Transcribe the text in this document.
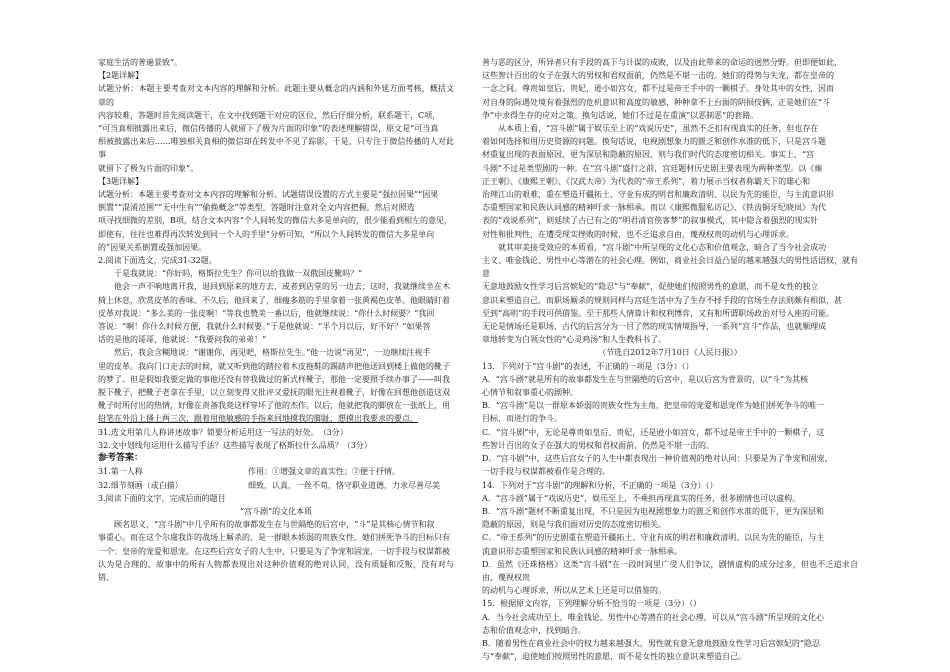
家庭生活的普遍景致”。

【2题详解】

试题分析：本题主要考查对文本内容的理解和分析。此题主要从概念的内涵和外延方面考核，概括文章的

内容较难，答题时首先阅读题干，在文中找到题干对应的区位，然后仔细分析，联系题干，C项，

“可当真相披露出来后，微信传播的人就留下了极为片面的印象”的表述理解错误，原文是“可当真

相被披露出来后……唯独相关真相的微信却在转发中不见了踪影，于是，只专注于微信传播的人对此事

就留下了极为片面的印象”。

【3题详解】

试题分析：本题主要考查对文本内容的理解和分析。试题错误设置的方式主要是“强拉因果”“因果

倒置”“混淆范围”“无中生有”“偷换概念”等类型，答题时注意对全文内容把握，然后对照选

项寻找细微的差别，B项，结合文本内容“个人间转发的微信大多是单向的，很少能看到相左的意见，

即使有，往往也难得再次转发到同一个人的手里”分析可知，“所以个人间转发的微信大多是单向

的”因果关系倒置或强加因果。

2.阅读下面选文，完成31-32题。

于是我就说：“你好吗，格斯拉先生？你可以给我做一双俄国皮靴吗？”

他会一声不响地离开我，退回到原来的地方去，或者到店堂的另一边去；这时，我就继续坐在木

椅上休息，欣赏皮革的香味。不久后，他回来了，细瘦多筋的手里拿着一张黄褐色皮革。他眼睛盯着

皮革对我说：“多么美的一张皮啊！”等我也赞美一番以后，他就继续说：“你什么时候要？”我回

答说：“啊！你什么时候方便，我就什么时候要。”于是他就说：“半个月以后，好不好？”如果答

话的是他的哥哥，他就说：“我要问我的弟弟！”

然后，我会含糊地说：“谢谢你，再见吧，格斯拉先生。”他一边说“再见”，一边继续注视手

里的皮革。我向门口走去的时候，就又听到他的踏拉着木皮拖鞋的踢踏声把他送回到楼上做他的靴子

的梦了。但是假如我要定做的事他还没有替我做过的新式样靴子，那他一定要照手续办事了——叫我

脱下靴子，把靴子老拿在手里，以立刻变得又批评又爱抚的眼光注视着靴子，好像在回想他创造这双

靴子时所付出的热情，好像在责备我竟这样穿坏了他的杰作。以后，他就把我的脚放在一张纸上，用

铅笔在外沿上搔上两三次，跟着用他敏感的手指来回地摸我的脚趾，想摸出我要求的要点。

31.选文用第几人称讲述故事？简要分析运用这一写法的好处。　（3分）

32.文中划线句运用什么描写手法？这些描写表现了格斯拉什么品质？（3分）

参考答案：

31.第一人称	作用：①增强文章的真实性；②便于抒情。
32.细节刻画（或白描）	细致，认真，一丝不苟，恪守职业道德，力求尽善尽美

3.阅读下面的文字，完成后面的题目

“宫斗剧”的文化本质

顾名思义，“宫斗剧”中几乎所有的故事都发生在与世隔绝的后宫中，“斗”是其核心情节和叙

事重心。而在这个尔虞我诈的战场上厮杀的，是一群眼本娇弱的贵族女性。她们拼死争斗的目标只有

一个：皇帝的宠爱和恩宠。在这些后宫女子的人生中，只要是为了争宠和固宠，一切手段与权谋都被

认为是合理的。故事中的所有人物都表现出对这种价值观的绝对认同，没有质疑和反叛，没有对与错、

善与恶的区分，所异者只有手段的高下与计谋的成败，以及由此带来的命运的迥然分野。但即便如此，

这些智计百出的女子在强大的男权和君权面前，仍然是不堪一击的。她们的得势与失宠，都在皇帝的

一念之间。尊贵如皇后、贵妃，逊小如宫女，都不过是帝王手中的一颗棋子。身处其中的女性，因而

对自身的际遇处境有着强烈的危机意识和高度的敏感，种种拿不上台面的阴损伎俩，正是她们在“斗

争”中求得生存的应对之策。换句话说，她们不过是在重演“以恶制恶”的套路。

从本质上看，“宫斗剧”属于娱乐至上的“戏说历史”，虽然不乏扣有现真实的任务，但也存在

着如何选择和用历史资源的问题。换句话说，电视剧想象力的匮乏和创作水准的低下，只是宫斗题

材重复出现的表面原因，更为深层和隐蔽的原因，则与我们时代的态度密切相关。事实上，“宫

斗剧”不过是类型剧的一种。在“宫斗剧”盛行之前，宫廷题材历史剧主要表现为两种类型。以《雍

正王朝》、《康熙王朝》、《汉武大帝》为代表的“帝王系列”，着力展示当权者称霸天下的雄心和

治理江山的艰难，重在塑造开疆拓土、守业有成的明君和廉政清明、以民为先的能臣，与主流意识形

态重塑国家和民族认同感的精神吁求一脉相承。而以《康熙微服私访记》、《铁齿铜牙纪晓岚》为代

表的“戏说系列”，则延续了古已有之的“明君清官侠客梦”的叙事模式，其中隐含着强烈的现实针

对性和批判性，在遭受现实挫败的时候，也不乏追求自由、蔑视权贵的动机与心理诉求。

就其审美接受效应的本质看，“宫斗剧”中所呈现的文化心态和价值观念，暗合了当今社会成功

主义、唯金钱论、男性中心等潜在的社会心理。例如，商业社会日益凸显的越来越强大的男性话语权，就有意

无意地鼓励女性学习后宫嫔妃的“隐忍”与“奉献”，促使她们按照男性的意愿，而不是女性的独立

意识来塑造自己。而职场厮杀的规则同样与宫廷生活中为了生存不择手段的官场生存法则颇有相似，甚

至到“高明”的手段可供借鉴。至于那些人情算计和权利博弈，又有和所谓职场政治对号入座的可能。

无论是情场还是职场，古代的后宫分为一目了然的现实情境指导，一系列“宫斗”作品，也就顺理成

章地转变为白领女性的“心灵鸡汤”和人生教科书了。

（节选自2012年7月10日《人民日报》）

13．下列对于“宫斗剧”的表述，不正确的一项是（3分）（）

A．“宫斗剧”就是所有的故事都发生在与世隔绝的后宫中，是以后宫为背景的，以“斗”为其核

心情节和叙事重心的剧种。

B．“宫斗剧”是以一群原本娇弱的贵族女性为主角，把皇帝的宠爱和恩宠作为她们拼死争斗的唯一

目标，而进行的争斗。

C．“宫斗剧”中，无论是尊贵如皇后、贵妃，还是逊小如宫女，都不过是帝王手中的一颗棋子，这

些智计百出的女子在强大的男权和君权面前，仍然是不堪一击的。

D．“宫斗剧”中，这些后宫女子的人生中都表现出一种价值观的绝对认同：只要是为了争宠和固宠，

一切手段与权谋都被看作是合理的。

14．下列对于“宫斗剧”的理解和分析，不正确的一项是（3分）（）

A．“宫斗剧”属于“戏说历史”，娱乐至上，不乘担再现真实的任务，很多剧情也可以虚构。

B．“宫斗剧”题材不断重复出现，不只是因为电视剧想象力的匮乏和创作水准的低下，更为深层和

隐蔽的原因，则是与我们面对历史的态度密切相关。

C．“帝王系列”的历史剧重在塑造开疆拓土、守业有成的明君和廉政清明、以民为先的能臣，与主

流意识形态重塑国家和民族认同感的精神吁求一脉相承。

D．虽然《还珠格格》这类“宫斗剧”在一段时间里广受人们争议，剧情虚构的成分过多，但也不乏追求自由、蔑视权贵

的动机与心理诉求，所以从艺术上还是可以借鉴的。

15．根据原文内容，下列理解分析不恰当的一项是（3分）（）

A．当今社会成功至上，唯金钱论、男性中心等潜在的社会心理，可以从“宫斗剧”所呈现的文化心

态和价值观念中，找到暗合。

B．随着男性在商业社会中的权力越来越强大，男性就有意无意地鼓励女性学习后宫嫔妃的“隐忍

与“奉献”，迫使她们按照男性的意愿，而不是女性的独立意识来塑造自己。
